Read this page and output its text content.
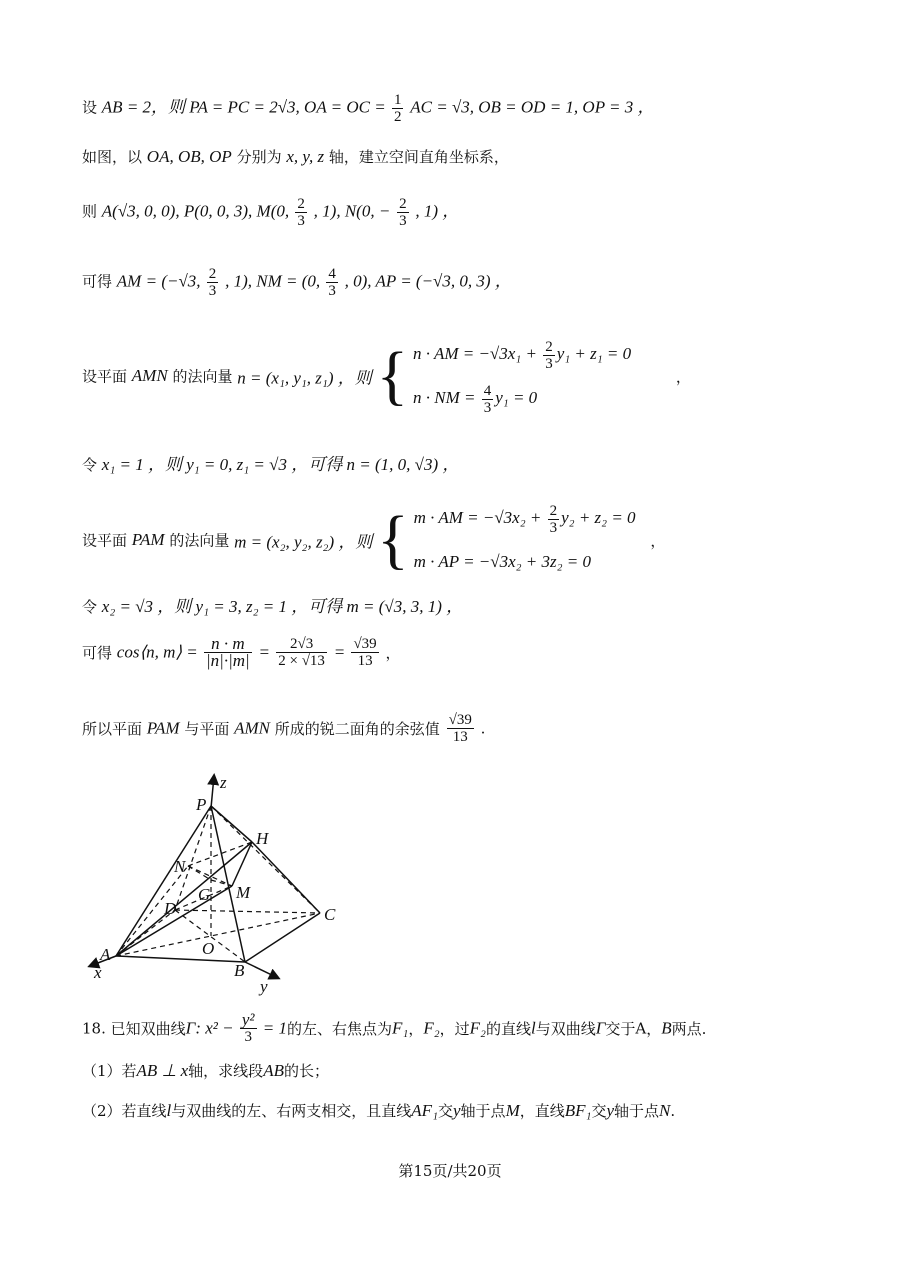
设 AB = 2，则 PA = PC = 2√3, OA = OC = $\frac{1}{2}$ AC = √3, OB = OD = 1, OP = 3 ，
如图，以 OA, OB, OP 分别为 x, y, z 轴，建立空间直角坐标系，
则 A(√3, 0, 0), P(0, 0, 3), M(0, $\frac{2}{3}$ , 1), N(0, − $\frac{2}{3}$ , 1) ，
可得 AM = (−√3, $\frac{2}{3}$ , 1), NM = (0, $\frac{4}{3}$ , 0), AP = (−√3, 0, 3) ，
设平面 AMN 的法向量 n = (x₁, y₁, z₁) ，则 { n · AM = $-√3x_1 + \frac{2}{3} y_1 + z_1 = 0$
n · NM = $\frac{4}{3} y_1 = 0$
，
令 x₁ = 1 ，则 y₁ = 0, z₁ = √3 ，可得 n = (1, 0, √3) ，
设平面 PAM 的法向量 m = (x₂, y₂, z₂) ，则 { m · AM = $-√3x_2 + \frac{2}{3} y_2 + z_2 = 0$
m · AP = −√3x₂ + 3z₂ = 0
，
令 x₂ = √3 ，则 y₁ = 3, z₂ = 1 ，可得 m = (√3, 3, 1) ，
可得 cos⟨n, m⟩ = $\frac{n \cdot m}{|n|\cdot|m|} = \frac{2√3}{2 \times √13} = \frac{√39}{13}$ ，
所以平面 PAM 与平面 AMN 所成的锐二面角的余弦值 $\frac{√39}{13}$ .
P
z
H
N
G M
D	C
O
A
x	B
y
18. 已知双曲线Γ: $x^2 - \frac{\text{y²}}{3} = 1$的左、右焦点为F₁，F₂，过F₂的直线l与双曲线Γ交于A，B两点.
（1）若AB ⊥ x轴，求线段AB的长；
（2）若直线l与双曲线的左、右两支相交，且直线AF₁交y轴于点M，直线BF₁交y轴于点N.
第15页/共20页
